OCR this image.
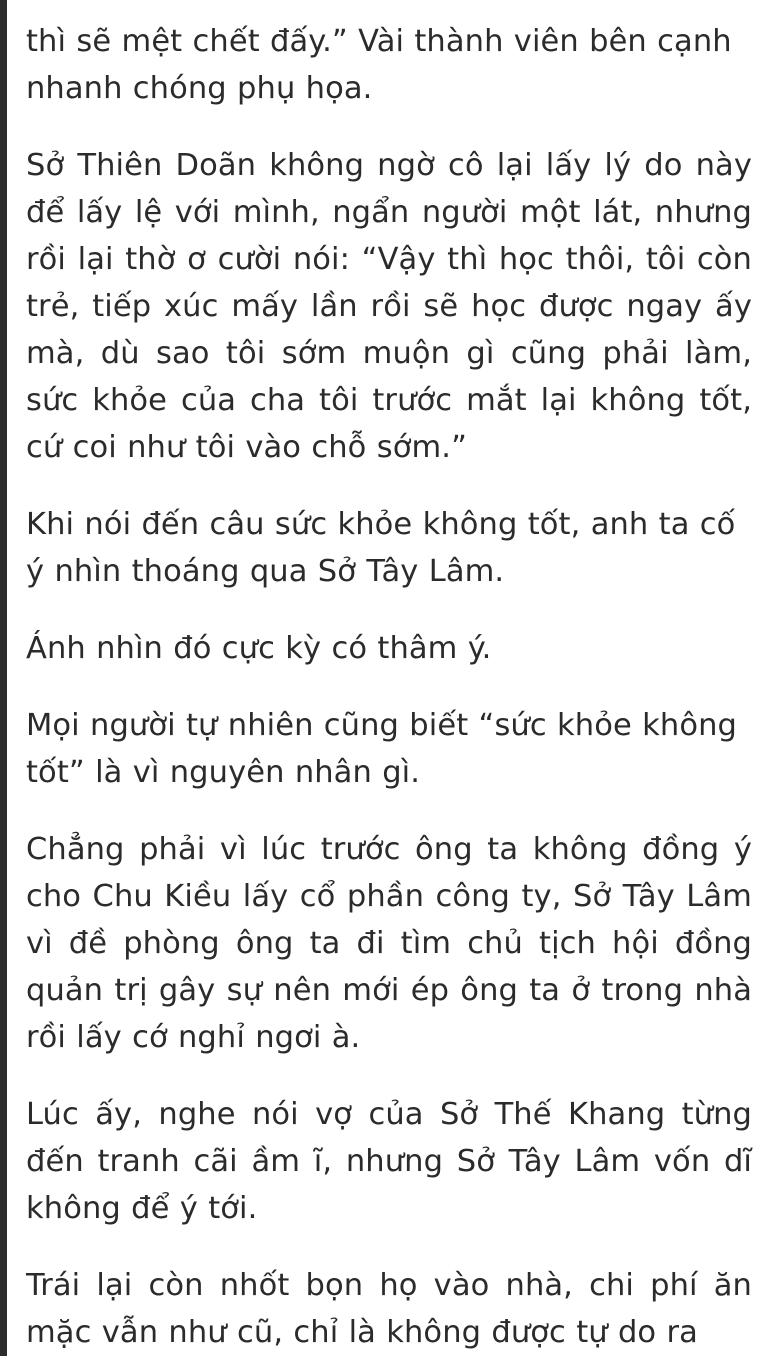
thì sẽ mệt chết đấy.” Vài thành viên bên cạnh nhanh chóng phụ họa.

Sở Thiên Doãn không ngờ cô lại lấy lý do này để lấy lệ với mình, ngẩn người một lát, nhưng rồi lại thờ ơ cười nói: “Vậy thì học thôi, tôi còn trẻ, tiếp xúc mấy lần rồi sẽ học được ngay ấy mà, dù sao tôi sớm muộn gì cũng phải làm, sức khỏe của cha tôi trước mắt lại không tốt, cứ coi như tôi vào chỗ sớm.”

Khi nói đến câu sức khỏe không tốt, anh ta cố ý nhìn thoáng qua Sở Tây Lâm.

Ánh nhìn đó cực kỳ có thâm ý.

Mọi người tự nhiên cũng biết “sức khỏe không tốt” là vì nguyên nhân gì.

Chẳng phải vì lúc trước ông ta không đồng ý cho Chu Kiều lấy cổ phần công ty, Sở Tây Lâm vì đề phòng ông ta đi tìm chủ tịch hội đồng quản trị gây sự nên mới ép ông ta ở trong nhà rồi lấy cớ nghỉ ngơi à.

Lúc ấy, nghe nói vợ của Sở Thế Khang từng đến tranh cãi ầm ĩ, nhưng Sở Tây Lâm vốn dĩ không để ý tới.

Trái lại còn nhốt bọn họ vào nhà, chi phí ăn mặc vẫn như cũ, chỉ là không được tự do ra
